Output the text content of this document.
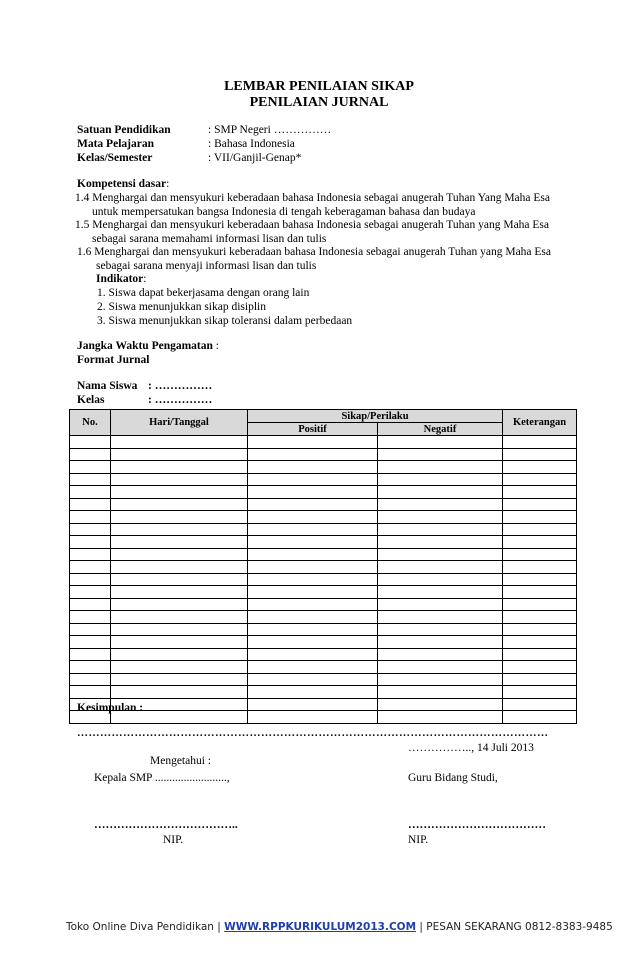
LEMBAR PENILAIAN SIKAP
PENILAIAN JURNAL
Satuan Pendidikan	: SMP Negeri ……………
Mata Pelajaran	: Bahasa Indonesia
Kelas/Semester	: VII/Ganjil-Genap*
Kompetensi dasar:
1.4 Menghargai dan mensyukuri keberadaan bahasa Indonesia sebagai anugerah Tuhan Yang Maha Esa
untuk mempersatukan bangsa Indonesia di tengah keberagaman bahasa dan budaya
1.5 Menghargai dan mensyukuri keberadaan bahasa Indonesia sebagai anugerah Tuhan yang Maha Esa
sebagai sarana memahami informasi lisan dan tulis
1.6 Menghargai dan mensyukuri keberadaan bahasa Indonesia sebagai anugerah Tuhan yang Maha Esa
sebagai sarana menyaji informasi lisan dan tulis
Indikator:
1. Siswa dapat bekerjasama dengan orang lain
2. Siswa menunjukkan sikap disiplin
3. Siswa menunjukkan sikap toleransi dalam perbedaan
Jangka Waktu Pengamatan :
Format Jurnal
Nama Siswa : ……………
Kelas	: ……………
No.	Hari/Tanggal	Sikap/Perilaku		Keterangan
		Positif	Negatif	

Kesimpulan :
……………………………………………………………………………………………………………
…………….., 14 Juli 2013
Mengetahui :
Kepala SMP .........................,	Guru Bidang Studi,
………………………………..	………………………………
NIP.	NIP.
Toko Online Diva Pendidikan | WWW.RPPKURIKULUM2013.COM | PESAN SEKARANG 0812-8383-9485
